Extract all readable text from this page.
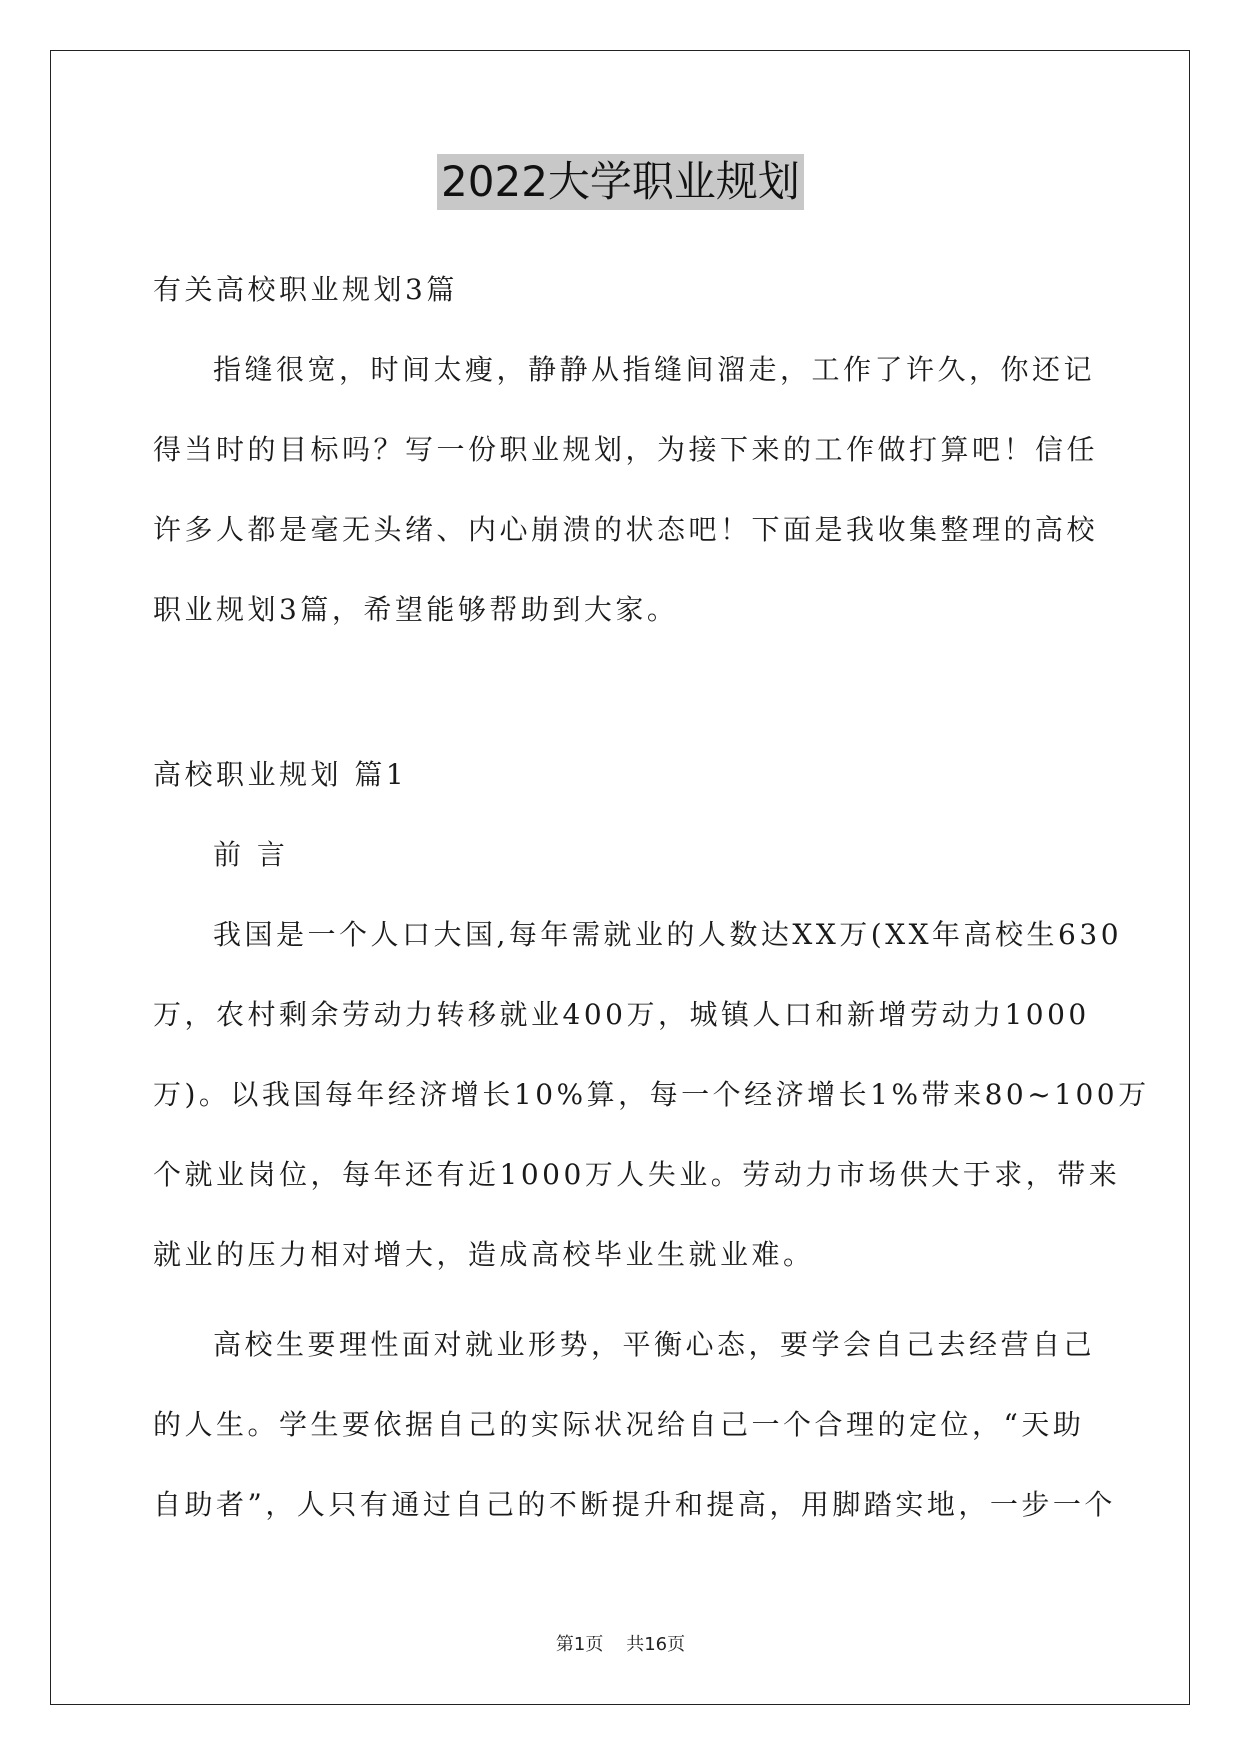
2022大学职业规划
有关高校职业规划3篇
指缝很宽，时间太瘦，静静从指缝间溜走，工作了许久，你还记
得当时的目标吗？写一份职业规划，为接下来的工作做打算吧！信任
许多人都是毫无头绪、内心崩溃的状态吧！下面是我收集整理的高校
职业规划3篇，希望能够帮助到大家。
高校职业规划 篇1
前 言
我国是一个人口大国,每年需就业的人数达XX万(XX年高校生630
万，农村剩余劳动力转移就业400万，城镇人口和新增劳动力1000
万)。以我国每年经济增长10%算，每一个经济增长1%带来80~100万
个就业岗位，每年还有近1000万人失业。劳动力市场供大于求，带来
就业的压力相对增大，造成高校毕业生就业难。
高校生要理性面对就业形势，平衡心态，要学会自己去经营自己
的人生。学生要依据自己的实际状况给自己一个合理的定位，“天助
自助者”，人只有通过自己的不断提升和提高，用脚踏实地，一步一个
第1页 共16页
